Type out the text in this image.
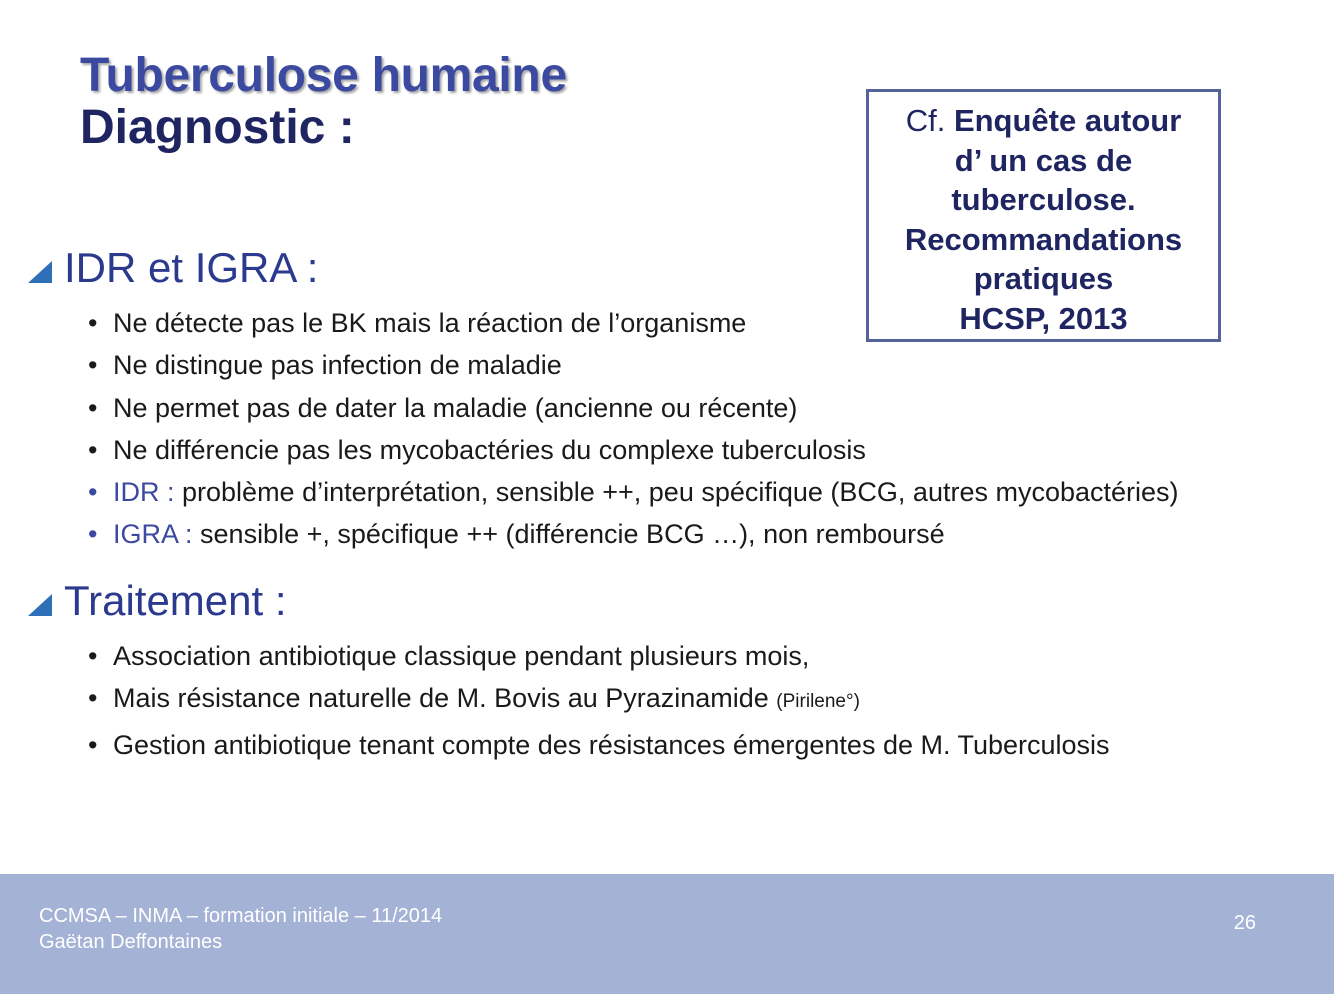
Tuberculose humaine
Diagnostic :	Cf. Enquête autour
d’ un cas de
tuberculose.
Recommandations
pratiques
HCSP, 2013
IDR et IGRA :
• Ne détecte pas le BK mais la réaction de l’organisme
• Ne distingue pas infection de maladie
• Ne permet pas de dater la maladie (ancienne ou récente)
• Ne différencie pas les mycobactéries du complexe tuberculosis
• IDR : problème d’interprétation, sensible ++, peu spécifique (BCG, autres mycobactéries)
• IGRA : sensible +, spécifique ++ (différencie BCG …), non remboursé
Traitement :
• Association antibiotique classique pendant plusieurs mois,
• Mais résistance naturelle de M. Bovis au Pyrazinamide (Pirilene°)
• Gestion antibiotique tenant compte des résistances émergentes de M. Tuberculosis
CCMSA – INMA – formation initiale – 11/2014
Gaëtan Deffontaines
26
